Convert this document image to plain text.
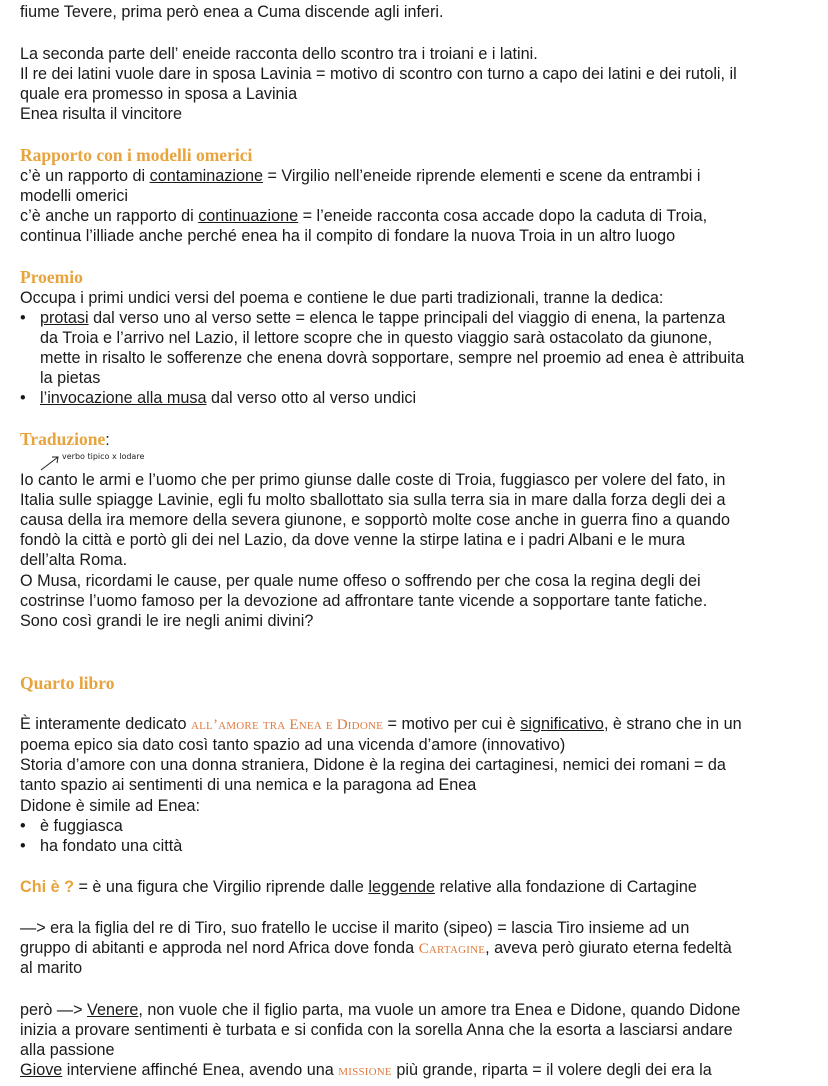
fiume Tevere, prima però enea a Cuma discende agli inferi.

La seconda parte dell’ eneide racconta dello scontro tra i troiani e i latini.

Il re dei latini vuole dare in sposa Lavinia = motivo di scontro con turno a capo dei latini e dei rutoli, il

quale era promesso in sposa a Lavinia

Enea risulta il vincitore

Rapporto con i modelli omerici

c’è un rapporto di contaminazione = Virgilio nell’eneide riprende elementi e scene da entrambi i

modelli omerici

c’è anche un rapporto di continuazione = l’eneide racconta cosa accade dopo la caduta di Troia,

continua l’illiade anche perché enea ha il compito di fondare la nuova Troia in un altro luogo

Proemio

Occupa i primi undici versi del poema e contiene le due parti tradizionali, tranne la dedica:

• protasi dal verso uno al verso sette = elenca le tappe principali del viaggio di enena, la partenza

da Troia e l’arrivo nel Lazio, il lettore scopre che in questo viaggio sarà ostacolato da giunone,

mette in risalto le sofferenze che enena dovrà sopportare, sempre nel proemio ad enea è attribuita

la pietas

• l’invocazione alla musa dal verso otto al verso undici

Traduzione:

verbo tipico x lodare

Io canto le armi e l’uomo che per primo giunse dalle coste di Troia, fuggiasco per volere del fato, in

Italia sulle spiagge Lavinie, egli fu molto sballottato sia sulla terra sia in mare dalla forza degli dei a

causa della ira memore della severa giunone, e sopportò molte cose anche in guerra fino a quando

fondò la città e portò gli dei nel Lazio, da dove venne la stirpe latina e i padri Albani e le mura

dell’alta Roma.

O Musa, ricordami le cause, per quale nume offeso o soffrendo per che cosa la regina degli dei

costrinse l’uomo famoso per la devozione ad affrontare tante vicende a sopportare tante fatiche.

Sono così grandi le ire negli animi divini?

Quarto libro

È interamente dedicato all’amore tra Enea e Didone = motivo per cui è significativo, è strano che in un

poema epico sia dato così tanto spazio ad una vicenda d’amore (innovativo)

Storia d’amore con una donna straniera, Didone è la regina dei cartaginesi, nemici dei romani = da

tanto spazio ai sentimenti di una nemica e la paragona ad Enea

Didone è simile ad Enea:

• è fuggiasca

• ha fondato una città

Chi è ? = è una figura che Virgilio riprende dalle leggende relative alla fondazione di Cartagine

—> era la figlia del re di Tiro, suo fratello le uccise il marito (sipeo) = lascia Tiro insieme ad un

gruppo di abitanti e approda nel nord Africa dove fonda Cartagine, aveva però giurato eterna fedeltà

al marito

però —> Venere, non vuole che il figlio parta, ma vuole un amore tra Enea e Didone, quando Didone

inizia a provare sentimenti è turbata e si confida con la sorella Anna che la esorta a lasciarsi andare

alla passione

Giove interviene affinché Enea, avendo una missione più grande, riparta = il volere degli dei era la
